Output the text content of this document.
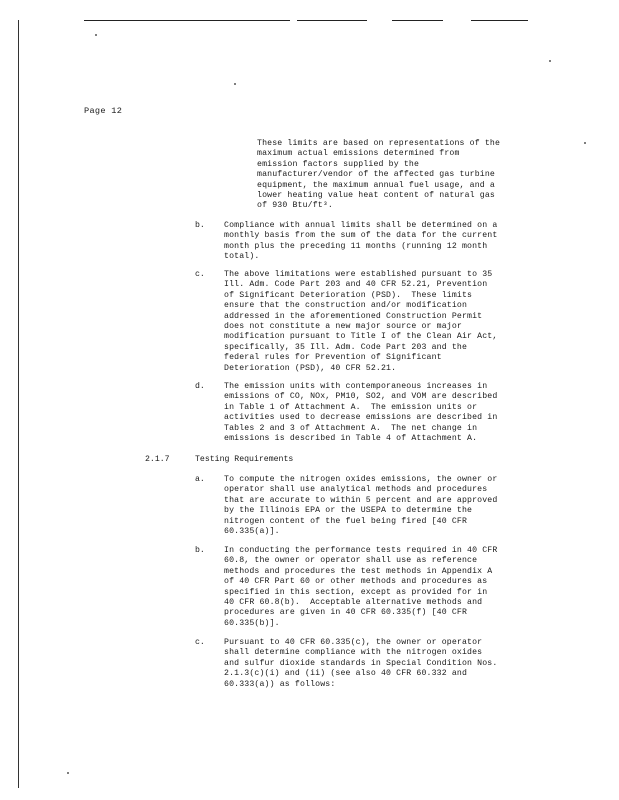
Page 12
These limits are based on representations of the
maximum actual emissions determined from
emission factors supplied by the
manufacturer/vendor of the affected gas turbine
equipment, the maximum annual fuel usage, and a
lower heating value heat content of natural gas
of 930 Btu/ft³.
b. Compliance with annual limits shall be determined on a
monthly basis from the sum of the data for the current
month plus the preceding 11 months (running 12 month
total).
c. The above limitations were established pursuant to 35
Ill. Adm. Code Part 203 and 40 CFR 52.21, Prevention
of Significant Deterioration (PSD).  These limits
ensure that the construction and/or modification
addressed in the aforementioned Construction Permit
does not constitute a new major source or major
modification pursuant to Title I of the Clean Air Act,
specifically, 35 Ill. Adm. Code Part 203 and the
federal rules for Prevention of Significant
Deterioration (PSD), 40 CFR 52.21.
d. The emission units with contemporaneous increases in
emissions of CO, NOx, PM10, SO2, and VOM are described
in Table 1 of Attachment A.  The emission units or
activities used to decrease emissions are described in
Tables 2 and 3 of Attachment A.  The net change in
emissions is described in Table 4 of Attachment A.
2.1.7	Testing Requirements
a. To compute the nitrogen oxides emissions, the owner or
operator shall use analytical methods and procedures
that are accurate to within 5 percent and are approved
by the Illinois EPA or the USEPA to determine the
nitrogen content of the fuel being fired [40 CFR
60.335(a)].
b. In conducting the performance tests required in 40 CFR
60.8, the owner or operator shall use as reference
methods and procedures the test methods in Appendix A
of 40 CFR Part 60 or other methods and procedures as
specified in this section, except as provided for in
40 CFR 60.8(b).  Acceptable alternative methods and
procedures are given in 40 CFR 60.335(f) [40 CFR
60.335(b)].
c. Pursuant to 40 CFR 60.335(c), the owner or operator
shall determine compliance with the nitrogen oxides
and sulfur dioxide standards in Special Condition Nos.
2.1.3(c)(i) and (ii) (see also 40 CFR 60.332 and
60.333(a)) as follows:
